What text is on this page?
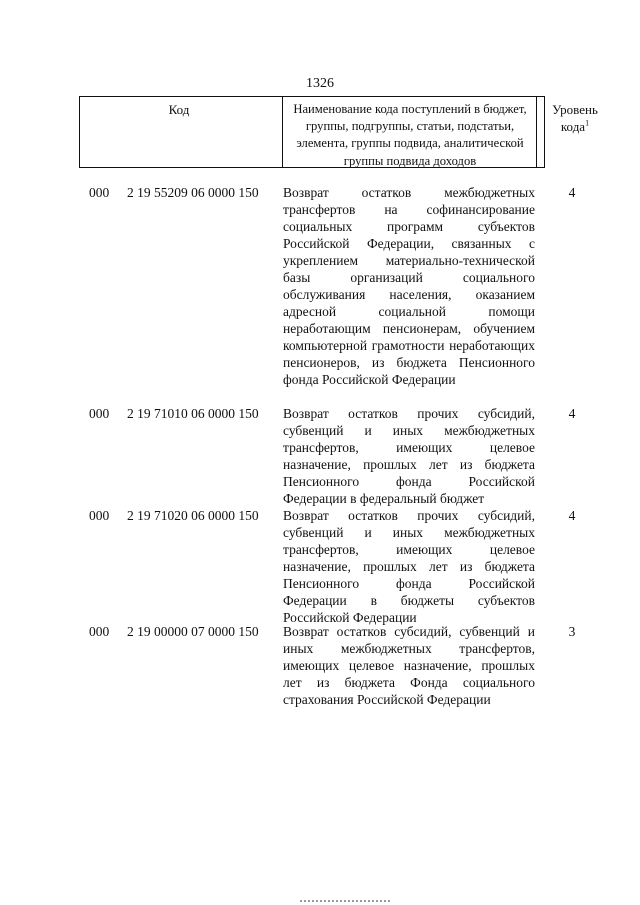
1326
Код	Наименование кода поступлений в бюджет, группы, подгруппы, статьи, подстатьи, элемента, группы подвида, аналитической группы подвида доходов
Уровень кода$^1$
000 2 19 55209 06 0000 150 Возврат остатков межбюджетных трансфертов на софинансирование социальных программ субъектов Российской Федерации, связанных с укреплением материально-технической базы организаций социального обслуживания населения, оказанием адресной социальной помощи неработающим пенсионерам, обучением компьютерной грамотности неработающих пенсионеров, из бюджета Пенсионного фонда Российской Федерации
4
000 2 19 71010 06 0000 150 Возврат остатков прочих субсидий, субвенций и иных межбюджетных трансфертов, имеющих целевое назначение, прошлых лет из бюджета Пенсионного фонда Российской Федерации в федеральный бюджет
4
000 2 19 71020 06 0000 150 Возврат остатков прочих субсидий, субвенций и иных межбюджетных трансфертов, имеющих целевое назначение, прошлых лет из бюджета Пенсионного фонда Российской Федерации в бюджеты субъектов Российской Федерации
4
000 2 19 00000 07 0000 150 Возврат остатков субсидий, субвенций и иных межбюджетных трансфертов, имеющих целевое назначение, прошлых лет из бюджета Фонда социального страхования Российской Федерации
3
